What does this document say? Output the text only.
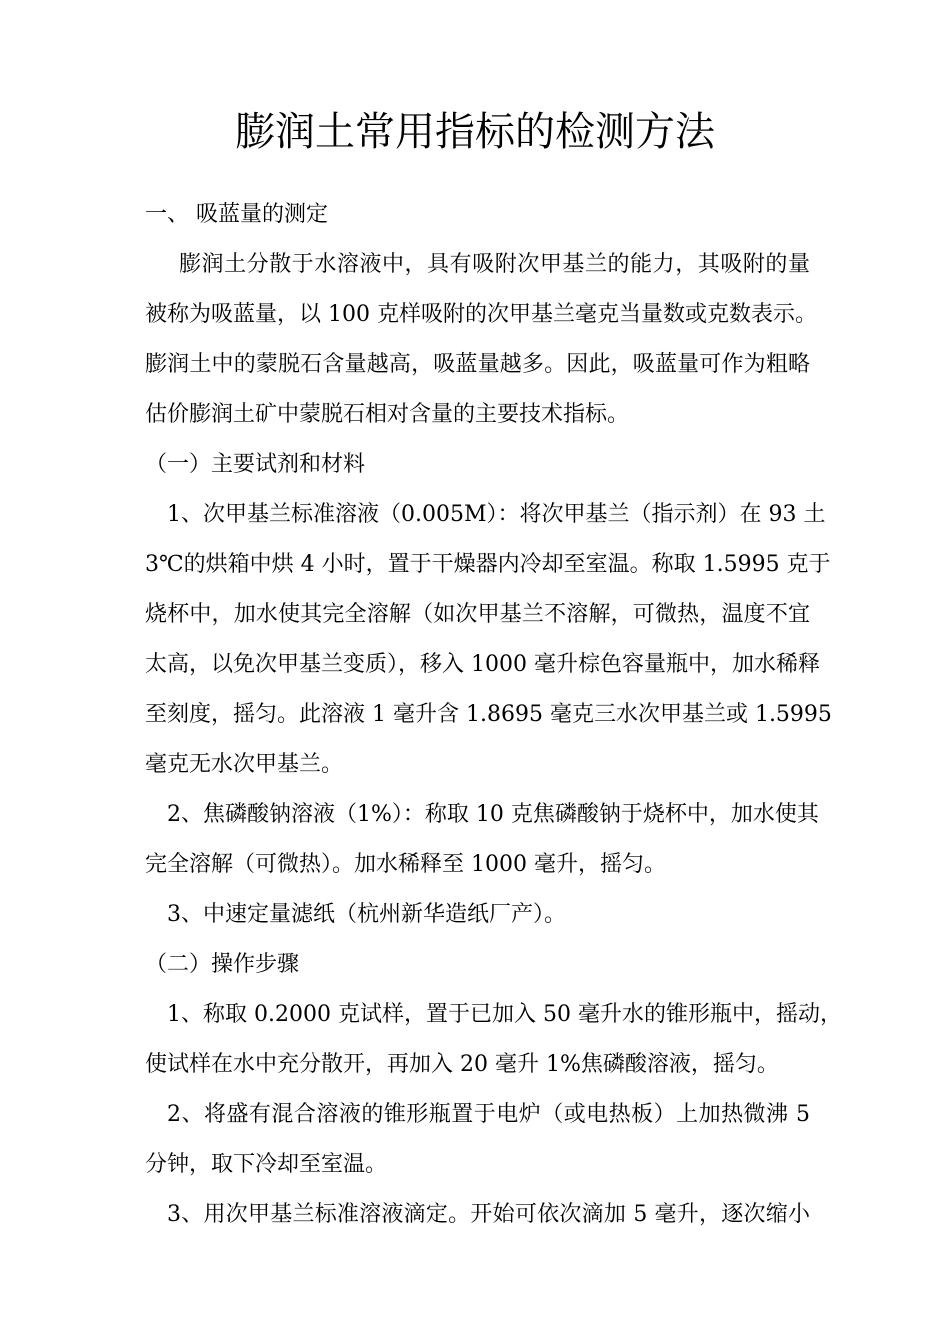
膨润土常用指标的检测方法
一、 吸蓝量的测定
膨润土分散于水溶液中，具有吸附次甲基兰的能力，其吸附的量
被称为吸蓝量，以 100 克样吸附的次甲基兰毫克当量数或克数表示。
膨润土中的蒙脱石含量越高，吸蓝量越多。因此，吸蓝量可作为粗略
估价膨润土矿中蒙脱石相对含量的主要技术指标。
（一）主要试剂和材料
1、次甲基兰标准溶液（0.005M）：将次甲基兰（指示剂）在 93 土
3℃的烘箱中烘 4 小时，置于干燥器内冷却至室温。称取 1.5995 克于
烧杯中，加水使其完全溶解（如次甲基兰不溶解，可微热，温度不宜
太高，以免次甲基兰变质），移入 1000 毫升棕色容量瓶中，加水稀释
至刻度，摇匀。此溶液 1 毫升含 1.8695 毫克三水次甲基兰或 1.5995
毫克无水次甲基兰。
2、焦磷酸钠溶液（1%）：称取 10 克焦磷酸钠于烧杯中，加水使其
完全溶解（可微热）。加水稀释至 1000 毫升，摇匀。
3、中速定量滤纸（杭州新华造纸厂产）。
（二）操作步骤
1、称取 0.2000 克试样，置于已加入 50 毫升水的锥形瓶中，摇动，
使试样在水中充分散开，再加入 20 毫升 1%焦磷酸溶液，摇匀。
2、将盛有混合溶液的锥形瓶置于电炉（或电热板）上加热微沸 5
分钟，取下冷却至室温。
3、用次甲基兰标准溶液滴定。开始可依次滴加 5 毫升，逐次缩小
